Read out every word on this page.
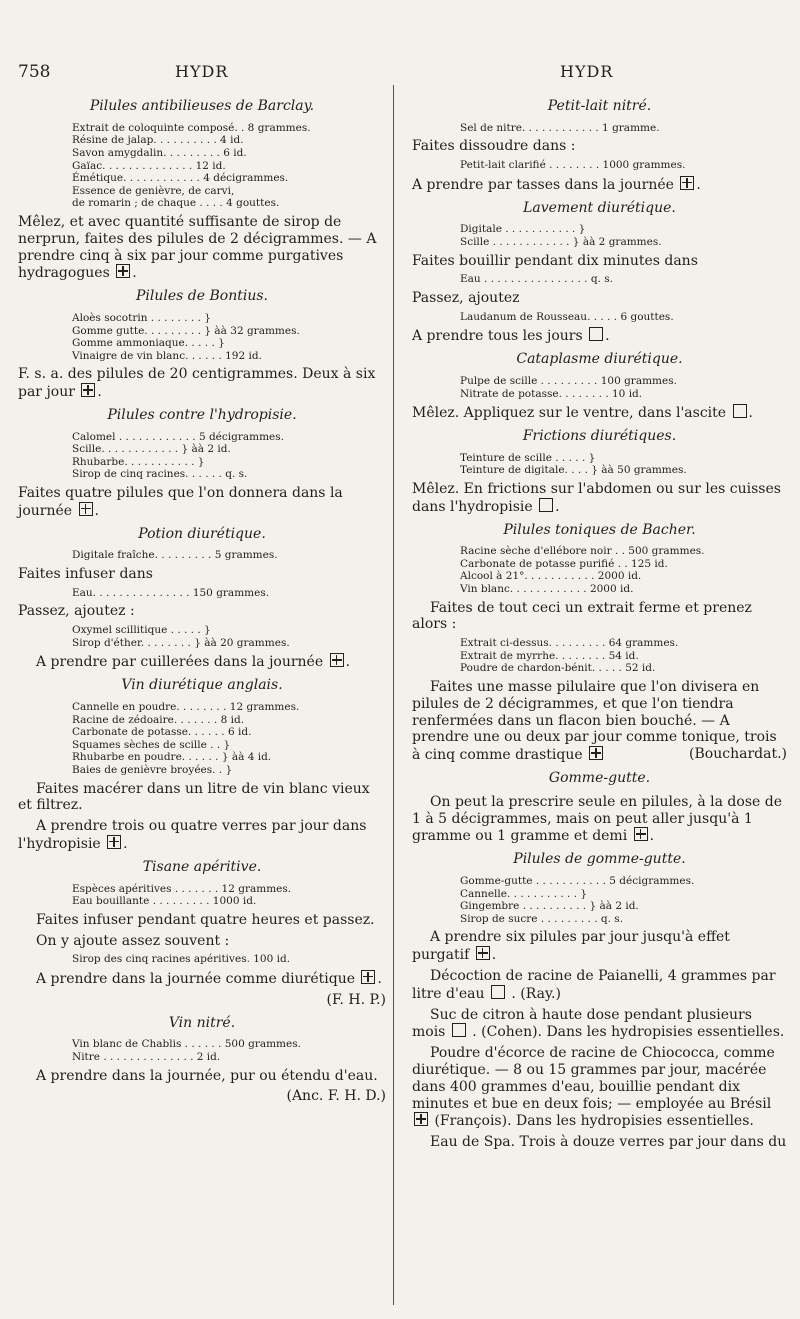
758	HYDR	HYDR
Pilules antibilieuses de Barclay.
Extrait de coloquinte composé. . 8 grammes.
Résine de jalap. . . . . . . . . . 4 id.
Savon amygdalin. . . . . . . . . 6 id.
Gaïac. . . . . . . . . . . . . . 12 id.
Émétique. . . . . . . . . . . . 4 décigrammes.
Essence de genièvre, de carvi,
de romarin ; de chaque . . . . 4 gouttes.
Mêlez, et avec quantité suffisante de sirop de nerprun, faites des pilules de 2 décigrammes. — A prendre cinq à six par jour comme purgatives hydragogues .
Pilules de Bontius.
Aloès socotrin . . . . . . . . }
Gomme gutte. . . . . . . . . } àà 32 grammes.
Gomme ammoniaque. . . . . }
Vinaigre de vin blanc. . . . . . 192 id.
F. s. a. des pilules de 20 centigrammes. Deux à six par jour .
Pilules contre l'hydropisie.
Calomel . . . . . . . . . . . . 5 décigrammes.
Scille. . . . . . . . . . . . } àà 2 id.
Rhubarbe. . . . . . . . . . . }
Sirop de cinq racines. . . . . . q. s.
Faites quatre pilules que l'on donnera dans la journée .
Potion diurétique.
Digitale fraîche. . . . . . . . . 5 grammes.
Faites infuser dans
Eau. . . . . . . . . . . . . . . 150 grammes.
Passez, ajoutez :
Oxymel scillitique . . . . . }
Sirop d'éther. . . . . . . . } àà 20 grammes.
A prendre par cuillerées dans la journée .
Vin diurétique anglais.
Cannelle en poudre. . . . . . . . 12 grammes.
Racine de zédoaire. . . . . . . 8 id.
Carbonate de potasse. . . . . . 6 id.
Squames sèches de scille . . }
Rhubarbe en poudre. . . . . . } àà 4 id.
Baies de genièvre broyées. . }
Faites macérer dans un litre de vin blanc vieux et filtrez.
A prendre trois ou quatre verres par jour dans l'hydropisie .
Tisane apéritive.
Espèces apéritives . . . . . . . 12 grammes.
Eau bouillante . . . . . . . . . 1000 id.
Faites infuser pendant quatre heures et passez.
On y ajoute assez souvent :
Sirop des cinq racines apéritives. 100 id.
A prendre dans la journée comme diurétique .
(F. H. P.)
Vin nitré.
Vin blanc de Chablis . . . . . . 500 grammes.
Nitre . . . . . . . . . . . . . . 2 id.
A prendre dans la journée, pur ou étendu d'eau.
(Anc. F. H. D.)
Petit-lait nitré.
Sel de nitre. . . . . . . . . . . . 1 gramme.
Faites dissoudre dans :
Petit-lait clarifié . . . . . . . . 1000 grammes.
A prendre par tasses dans la journée .
Lavement diurétique.
Digitale . . . . . . . . . . . }
Scille . . . . . . . . . . . . } àà 2 grammes.
Faites bouillir pendant dix minutes dans
Eau . . . . . . . . . . . . . . . . q. s.
Passez, ajoutez
Laudanum de Rousseau. . . . . 6 gouttes.
A prendre tous les jours .
Cataplasme diurétique.
Pulpe de scille . . . . . . . . . 100 grammes.
Nitrate de potasse. . . . . . . . 10 id.
Mêlez. Appliquez sur le ventre, dans l'ascite .
Frictions diurétiques.
Teinture de scille . . . . . }
Teinture de digitale. . . . } àà 50 grammes.
Mêlez. En frictions sur l'abdomen ou sur les cuisses dans l'hydropisie .
Pilules toniques de Bacher.
Racine sèche d'ellébore noir . . 500 grammes.
Carbonate de potasse purifié . . 125 id.
Alcool à 21°. . . . . . . . . . . 2000 id.
Vin blanc. . . . . . . . . . . . 2000 id.
Faites de tout ceci un extrait ferme et prenez alors :
Extrait ci-dessus. . . . . . . . . 64 grammes.
Extrait de myrrhe. . . . . . . . 54 id.
Poudre de chardon-bénit. . . . . 52 id.
Faites une masse pilulaire que l'on divisera en pilules de 2 décigrammes, et que l'on tiendra renfermées dans un flacon bien bouché. — A prendre une ou deux par jour comme tonique, trois à cinq comme drastique	(Bouchardat.)
Gomme-gutte.
On peut la prescrire seule en pilules, à la dose de 1 à 5 décigrammes, mais on peut aller jusqu'à 1 gramme ou 1 gramme et demi .
Pilules de gomme-gutte.
Gomme-gutte . . . . . . . . . . . 5 décigrammes.
Cannelle. . . . . . . . . . . }
Gingembre . . . . . . . . . . } àà 2 id.
Sirop de sucre . . . . . . . . . q. s.
A prendre six pilules par jour jusqu'à effet purgatif .
Décoction de racine de Paianelli, 4 grammes par litre d'eau  . (Ray.)
Suc de citron à haute dose pendant plusieurs mois  . (Cohen). Dans les hydropisies essentielles.
Poudre d'écorce de racine de Chiococca, comme diurétique. — 8 ou 15 grammes par jour, macérée dans 400 grammes d'eau, bouillie pendant dix minutes et bue en deux fois; — employée au Brésil  (François). Dans les hydropisies essentielles.
Eau de Spa. Trois à douze verres par jour dans du
